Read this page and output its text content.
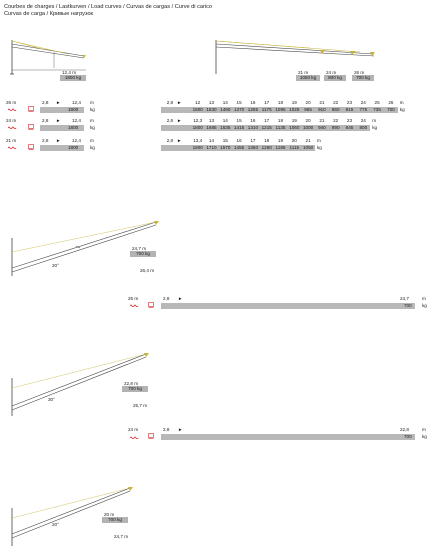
Courbes de charges / Lastkurven / Load curves / Curvas de cargas / Curve di carico
Curvas de carga / Кривые нагрузок
12,4 m
1800 kg
21 m
1050 kg
24 m
800 kg
26 m
700 kg
26 m	2,8 ► 12,4 m
1800	kg
24 m	2,8 ► 12,4 m
1800	kg
21 m	2,8 ► 12,4 m
1800	kg
2,8	12	13	14	15	16	17	18	19	20	21	22	23	24	25	26
►	m
1800 1630 1490 1370 1265 1175 1095 1025	965	910	860	815	775	735	700	kg
2,8	12,3	13	14	15	16	17	18	19	20	21	22	23	24
►	m
1800 1685 1535 1415 1310 1215 1135 1060 1000	940	890	845	800	kg
2,8	13,4	14	15	16	17	18	19	20	21
►	m
1800 1710 1570 1455 1350 1260 1185 1115 1050 kg
20°
24,7 m
700 kg
26,4 m
26 m	2,8 ►	24,7	m
700 kg
30°
22,8 m
700 kg
25,7 m
24 m	2,8 ►	22,8	m
700 kg
20°
20 m
700 kg
24,7 m
